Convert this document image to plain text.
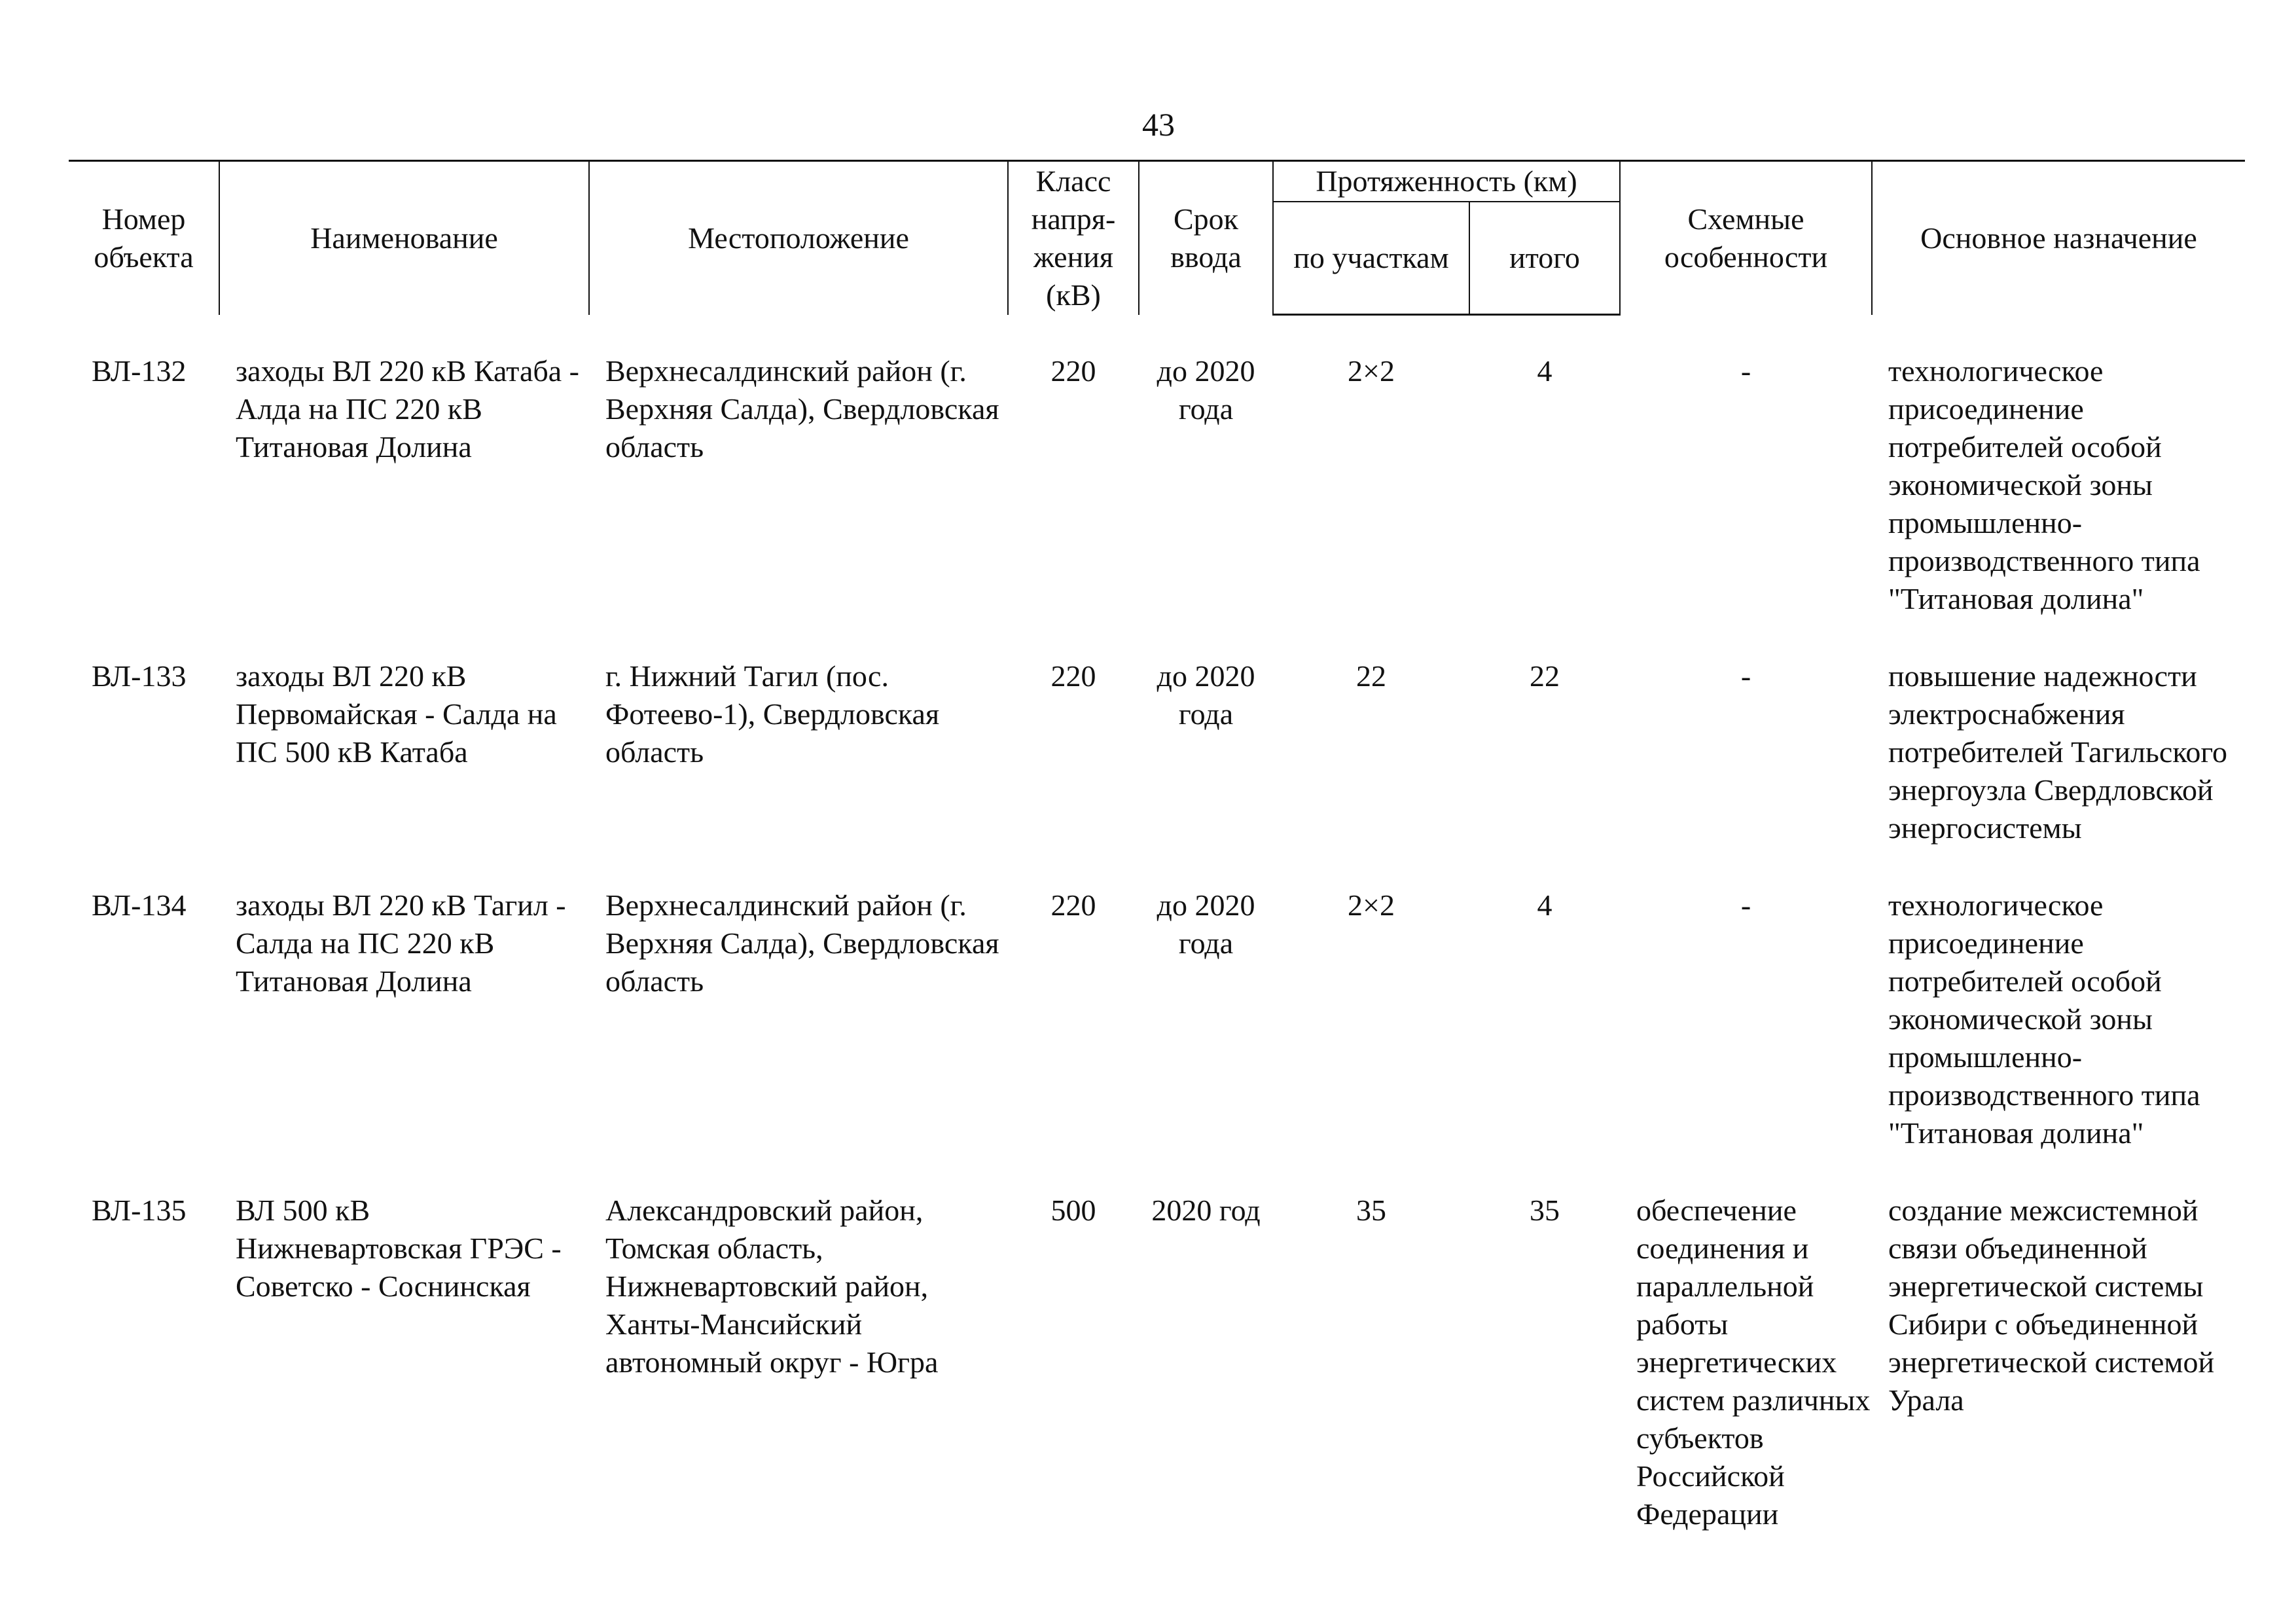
43
Номер объекта	Наименование	Местоположение	Класс напря-жения (кВ)	Срок ввода	Протяженность (км)		Схемные особенности	Основное назначение
					по участкам	итого		

ВЛ-132	заходы ВЛ 220 кВ Катаба - Алда на ПС 220 кВ Титановая Долина	Верхнесалдинский район (г. Верхняя Салда), Свердловская область	220	до 2020 года	2×2	4	-	технологическое присоединение потребителей особой экономической зоны промышленно-производственного типа "Титановая долина"
ВЛ-133	заходы ВЛ 220 кВ Первомайская - Салда на ПС 500 кВ Катаба	г. Нижний Тагил (пос. Фотеево-1), Свердловская область	220	до 2020 года	22	22	-	повышение надежности электроснабжения потребителей Тагильского энергоузла Свердловской энергосистемы
ВЛ-134	заходы ВЛ 220 кВ Тагил - Салда на ПС 220 кВ Титановая Долина	Верхнесалдинский район (г. Верхняя Салда), Свердловская область	220	до 2020 года	2×2	4	-	технологическое присоединение потребителей особой экономической зоны промышленно-производственного типа "Титановая долина"
ВЛ-135	ВЛ 500 кВ Нижневартовская ГРЭС - Советско - Соснинская	Александровский район, Томская область, Нижневартовский район, Ханты-Мансийский автономный округ - Югра	500	2020 год	35	35	обеспечение соединения и параллельной работы энергетических систем различных субъектов Российской Федерации	создание межсистемной связи объединенной энергетической системы Сибири с объединенной энергетической системой Урала
